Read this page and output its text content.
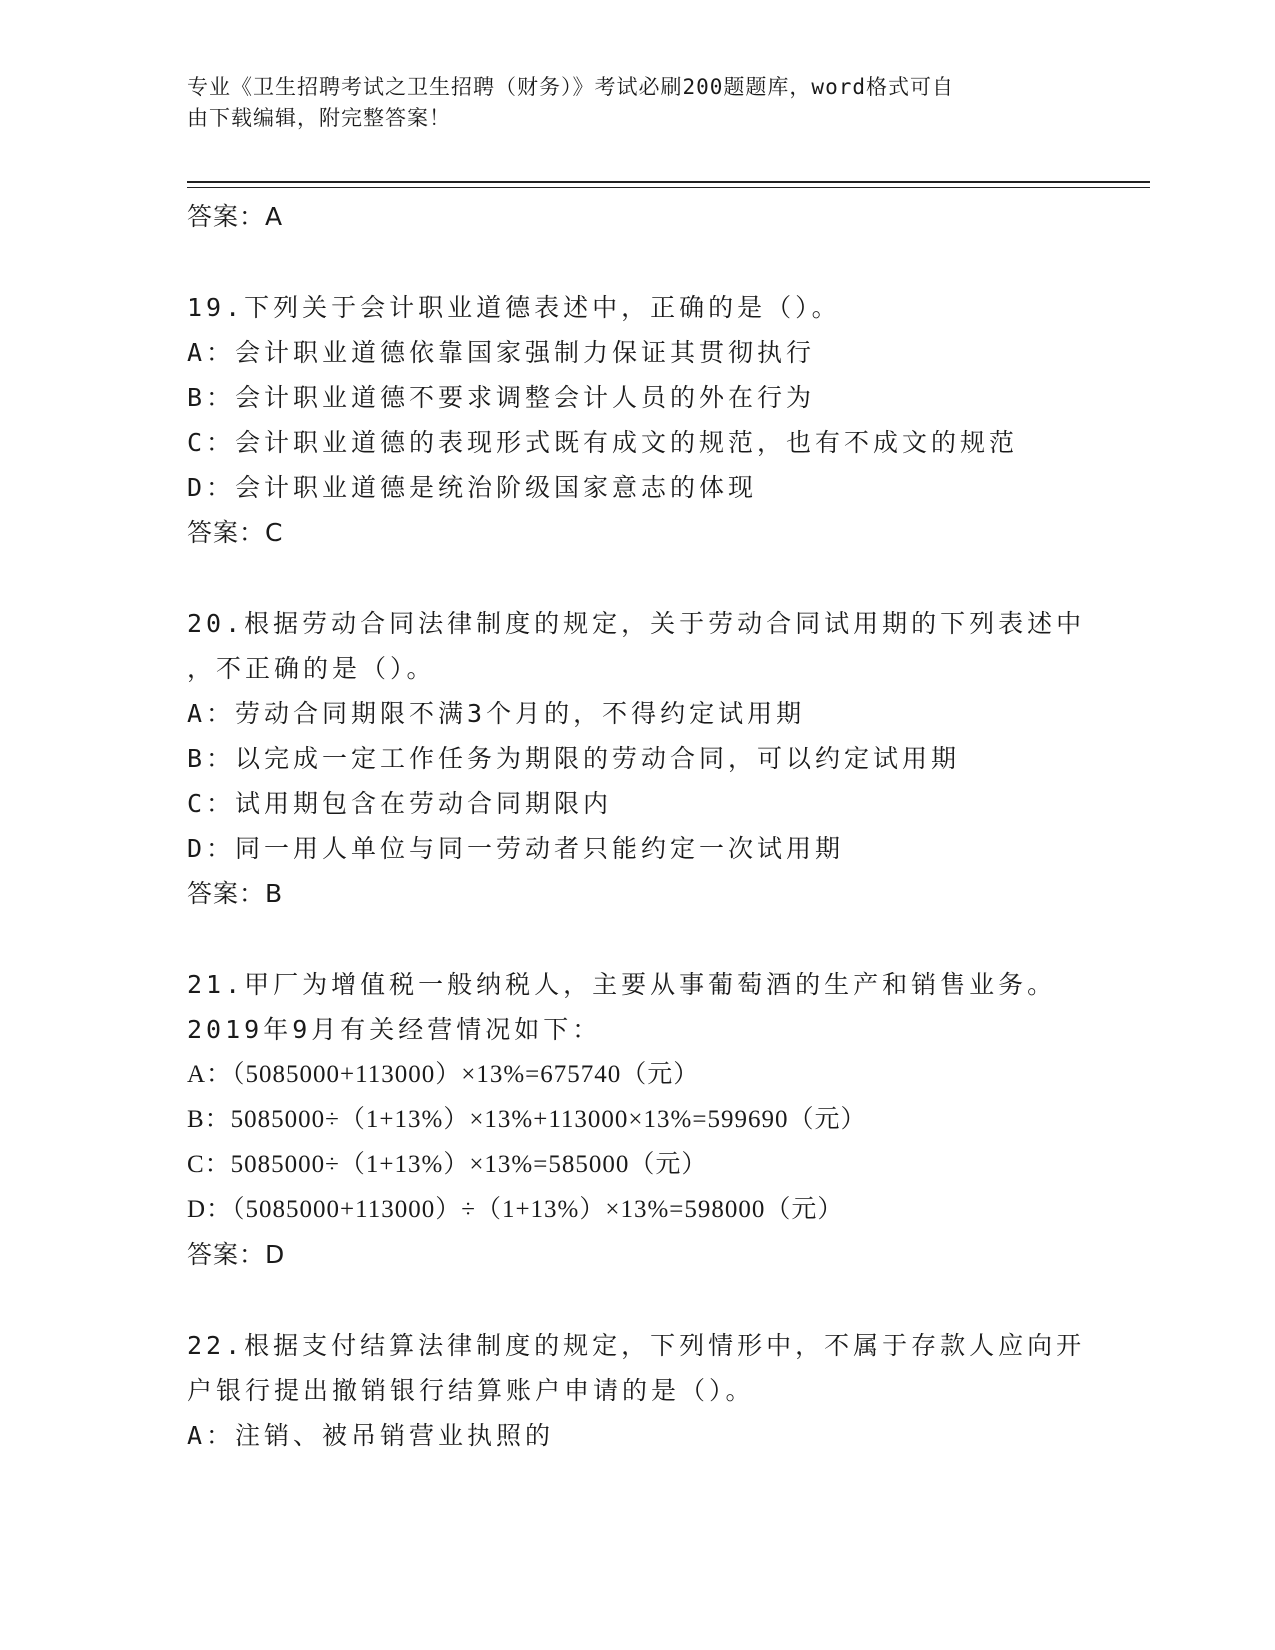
专业《卫生招聘考试之卫生招聘（财务）》考试必刷200题题库，word格式可自
由下载编辑，附完整答案！
答案：A
19.下列关于会计职业道德表述中，正确的是（）。
A：会计职业道德依靠国家强制力保证其贯彻执行
B：会计职业道德不要求调整会计人员的外在行为
C：会计职业道德的表现形式既有成文的规范，也有不成文的规范
D：会计职业道德是统治阶级国家意志的体现
答案：C
20.根据劳动合同法律制度的规定，关于劳动合同试用期的下列表述中
，不正确的是（）。
A：劳动合同期限不满3个月的，不得约定试用期
B：以完成一定工作任务为期限的劳动合同，可以约定试用期
C：试用期包含在劳动合同期限内
D：同一用人单位与同一劳动者只能约定一次试用期
答案：B
21.甲厂为增值税一般纳税人，主要从事葡萄酒的生产和销售业务。
2019年9月有关经营情况如下：
A：（5085000+113000）×13%=675740（元）
B：5085000÷（1+13%）×13%+113000×13%=599690（元）
C：5085000÷（1+13%）×13%=585000（元）
D：（5085000+113000）÷（1+13%）×13%=598000（元）
答案：D
22.根据支付结算法律制度的规定，下列情形中，不属于存款人应向开
户银行提出撤销银行结算账户申请的是（）。
A：注销、被吊销营业执照的
